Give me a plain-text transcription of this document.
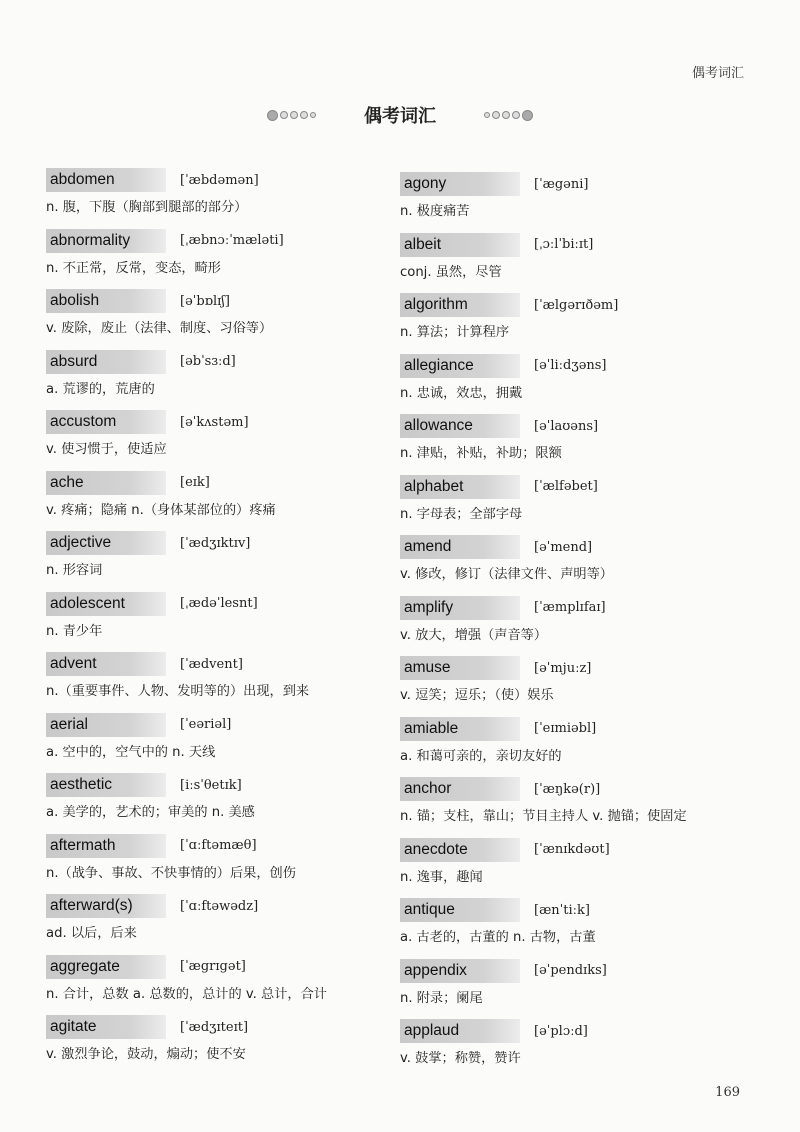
偶考词汇
偶考词汇
abdomen	[ˈæbdəmən]
n. 腹，下腹（胸部到腿部的部分）
abnormality	[ˌæbnɔːˈmæləti]
n. 不正常，反常，变态，畸形
abolish	[əˈbɒlɪʃ]
v. 废除，废止（法律、制度、习俗等）
absurd	[əbˈsɜːd]
a. 荒谬的，荒唐的
accustom	[əˈkʌstəm]
v. 使习惯于，使适应
ache	[eɪk]
v. 疼痛；隐痛 n.（身体某部位的）疼痛
adjective	[ˈædʒɪktɪv]
n. 形容词
adolescent	[ˌædəˈlesnt]
n. 青少年
advent	[ˈædvent]
n.（重要事件、人物、发明等的）出现，到来
aerial	[ˈeəriəl]
a. 空中的，空气中的 n. 天线
aesthetic	[iːsˈθetɪk]
a. 美学的，艺术的；审美的 n. 美感
aftermath	[ˈɑːftəmæθ]
n.（战争、事故、不快事情的）后果，创伤
afterward(s)	[ˈɑːftəwədz]
ad. 以后，后来
aggregate	[ˈægrɪgət]
n. 合计，总数 a. 总数的，总计的 v. 总计，合计
agitate	[ˈædʒɪteɪt]
v. 激烈争论，鼓动，煽动；使不安
agony	[ˈægəni]
n. 极度痛苦
albeit	[ˌɔːlˈbiːɪt]
conj. 虽然，尽管
algorithm	[ˈælgərɪðəm]
n. 算法；计算程序
allegiance	[əˈliːdʒəns]
n. 忠诚，效忠，拥戴
allowance	[əˈlaʊəns]
n. 津贴，补贴，补助；限额
alphabet	[ˈælfəbet]
n. 字母表；全部字母
amend	[əˈmend]
v. 修改，修订（法律文件、声明等）
amplify	[ˈæmplɪfaɪ]
v. 放大，增强（声音等）
amuse	[əˈmjuːz]
v. 逗笑；逗乐；（使）娱乐
amiable	[ˈeɪmiəbl]
a. 和蔼可亲的，亲切友好的
anchor	[ˈæŋkə(r)]
n. 锚；支柱，靠山；节目主持人 v. 抛锚；使固定
anecdote	[ˈænɪkdəʊt]
n. 逸事，趣闻
antique	[ænˈtiːk]
a. 古老的，古董的 n. 古物，古董
appendix	[əˈpendɪks]
n. 附录；阑尾
applaud	[əˈplɔːd]
v. 鼓掌；称赞，赞许
169
